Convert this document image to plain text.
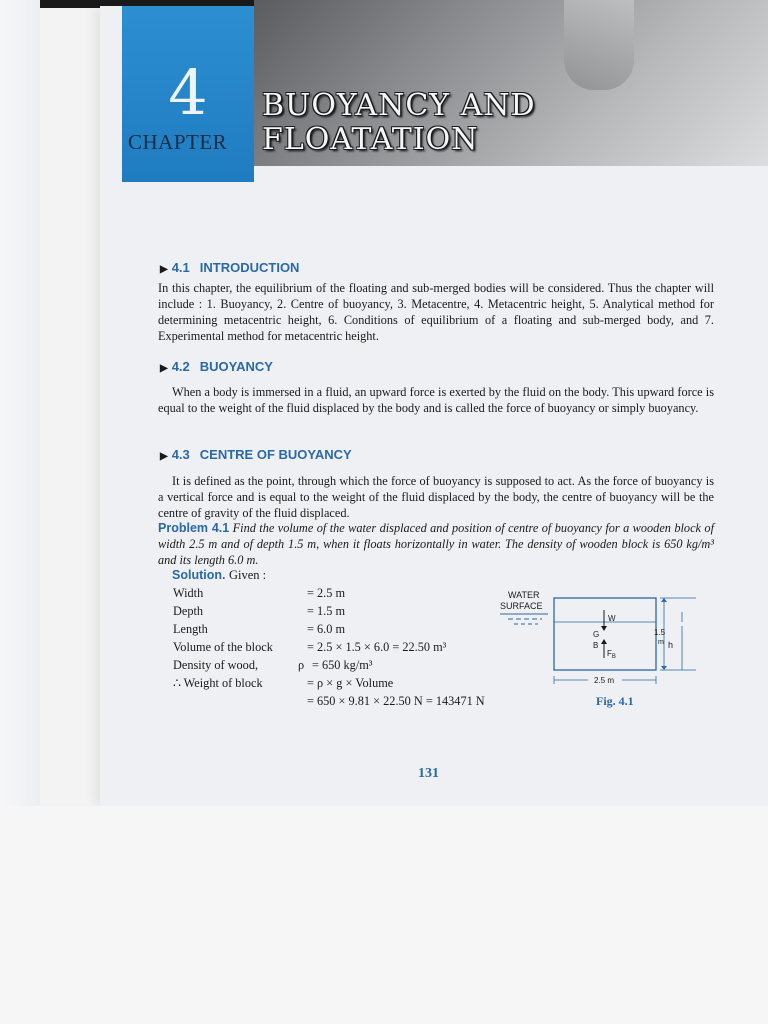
4
CHAPTER
BUOYANCY AND
FLOATATION
▶ 4.1 INTRODUCTION
In this chapter, the equilibrium of the floating and sub-merged bodies will be considered. Thus the chapter will include : 1. Buoyancy, 2. Centre of buoyancy, 3. Metacentre, 4. Metacentric height, 5. Analytical method for determining metacentric height, 6. Conditions of equilibrium of a floating and sub-merged body, and 7. Experimental method for metacentric height.
▶ 4.2 BUOYANCY
When a body is immersed in a fluid, an upward force is exerted by the fluid on the body. This upward force is equal to the weight of the fluid displaced by the body and is called the force of buoyancy or simply buoyancy.
▶ 4.3 CENTRE OF BUOYANCY
It is defined as the point, through which the force of buoyancy is supposed to act. As the force of buoyancy is a vertical force and is equal to the weight of the fluid displaced by the body, the centre of buoyancy will be the centre of gravity of the fluid displaced.
Problem 4.1 Find the volume of the water displaced and position of centre of buoyancy for a wooden block of width 2.5 m and of depth 1.5 m, when it floats horizontally in water. The density of wooden block is 650 kg/m³ and its length 6.0 m.
Solution. Given :
Width	= 2.5 m
Depth	= 1.5 m
Length	= 6.0 m
Volume of the block	= 2.5 × 1.5 × 6.0 = 22.50 m³
Density of wood,	ρ = 650 kg/m³
∴ Weight of block	= ρ × g × Volume
= 650 × 9.81 × 22.50 N = 143471 N
WATER
SURFACE
W
G
B
$F_B$
1.5
m h
2.5 m
Fig. 4.1
131
